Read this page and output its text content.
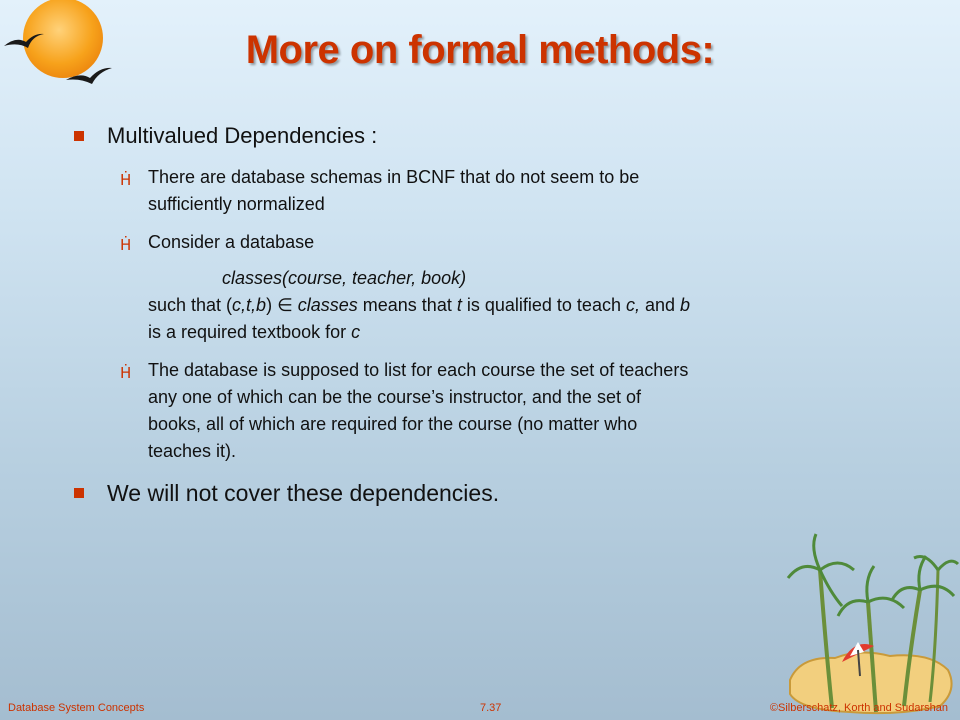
More on formal methods:
Multivalued Dependencies :
Ḣ There are database schemas in BCNF that do not seem to be
sufficiently normalized
Ḣ Consider a database
classes(course, teacher, book)
such that (c,t,b) ∈ classes means that t is qualified to teach c, and b
is a required textbook for c
Ḣ The database is supposed to list for each course the set of teachers
any one of which can be the course’s instructor, and the set of
books, all of which are required for the course (no matter who
teaches it).
We will not cover these dependencies.
Database System Concepts	7.37	©Silberschatz, Korth and Sudarshan
